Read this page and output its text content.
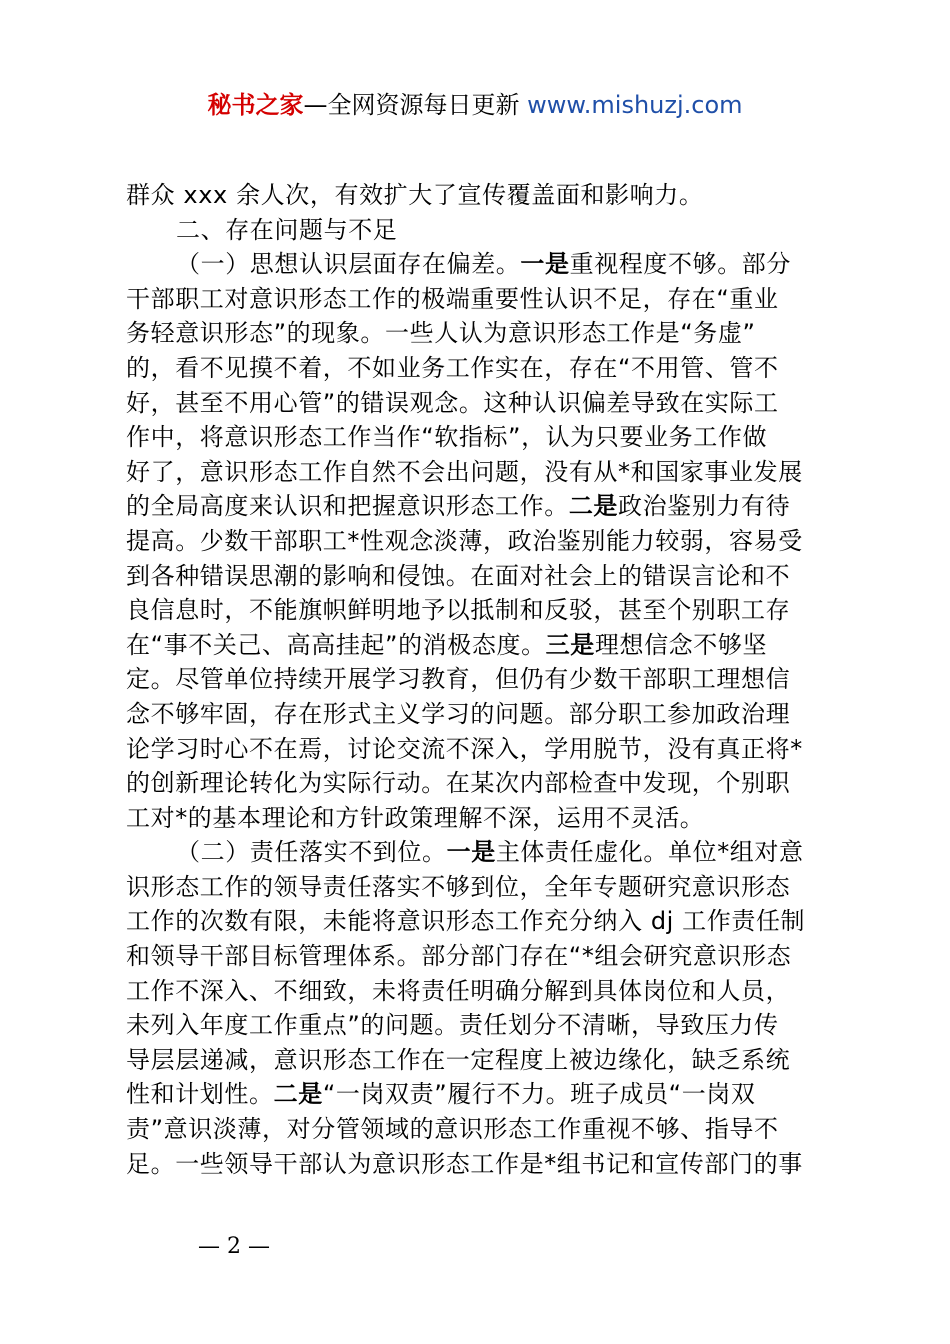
秘书之家—全网资源每日更新 www.mishuzj.com
群众 xxx 余人次，有效扩大了宣传覆盖面和影响力。
二、存在问题与不足
（一）思想认识层面存在偏差。一是重视程度不够。部分
干部职工对意识形态工作的极端重要性认识不足，存在“重业
务轻意识形态”的现象。一些人认为意识形态工作是“务虚”
的，看不见摸不着，不如业务工作实在，存在“不用管、管不
好，甚至不用心管”的错误观念。这种认识偏差导致在实际工
作中，将意识形态工作当作“软指标”，认为只要业务工作做
好了，意识形态工作自然不会出问题，没有从*和国家事业发展
的全局高度来认识和把握意识形态工作。二是政治鉴别力有待
提高。少数干部职工*性观念淡薄，政治鉴别能力较弱，容易受
到各种错误思潮的影响和侵蚀。在面对社会上的错误言论和不
良信息时，不能旗帜鲜明地予以抵制和反驳，甚至个别职工存
在“事不关己、高高挂起”的消极态度。三是理想信念不够坚
定。尽管单位持续开展学习教育，但仍有少数干部职工理想信
念不够牢固，存在形式主义学习的问题。部分职工参加政治理
论学习时心不在焉，讨论交流不深入，学用脱节，没有真正将*
的创新理论转化为实际行动。在某次内部检查中发现，个别职
工对*的基本理论和方针政策理解不深，运用不灵活。
（二）责任落实不到位。一是主体责任虚化。单位*组对意
识形态工作的领导责任落实不够到位，全年专题研究意识形态
工作的次数有限，未能将意识形态工作充分纳入 dj 工作责任制
和领导干部目标管理体系。部分部门存在“*组会研究意识形态
工作不深入、不细致，未将责任明确分解到具体岗位和人员，
未列入年度工作重点”的问题。责任划分不清晰，导致压力传
导层层递减，意识形态工作在一定程度上被边缘化，缺乏系统
性和计划性。二是“一岗双责”履行不力。班子成员“一岗双
责”意识淡薄，对分管领域的意识形态工作重视不够、指导不
足。一些领导干部认为意识形态工作是*组书记和宣传部门的事
— 2 —
